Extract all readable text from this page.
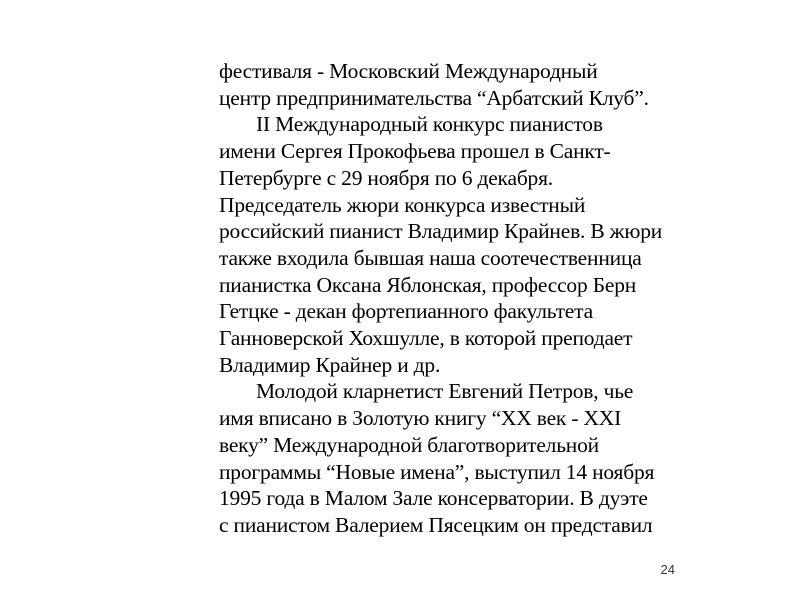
фестиваля - Московский Международный
центр предпринимательства “Арбатский Клуб”.
II Международный конкурс пианистов
имени Сергея Прокофьева прошел в Санкт-
Петербурге с 29 ноября по 6 декабря.
Председатель жюри конкурса известный
российский пианист Владимир Крайнев. В жюри
также входила бывшая наша соотечественница
пианистка Оксана Яблонская, профессор Берн
Гетцке - декан фортепианного факультета
Ганноверской Хохшулле, в которой преподает
Владимир Крайнер и др.
Молодой кларнетист Евгений Петров, чье
имя вписано в Золотую книгу “XX век - XXI
веку” Международной благотворительной
программы “Новые имена”, выступил 14 ноября
1995 года в Малом Зале консерватории. В дуэте
с пианистом Валерием Пясецким он представил
24
